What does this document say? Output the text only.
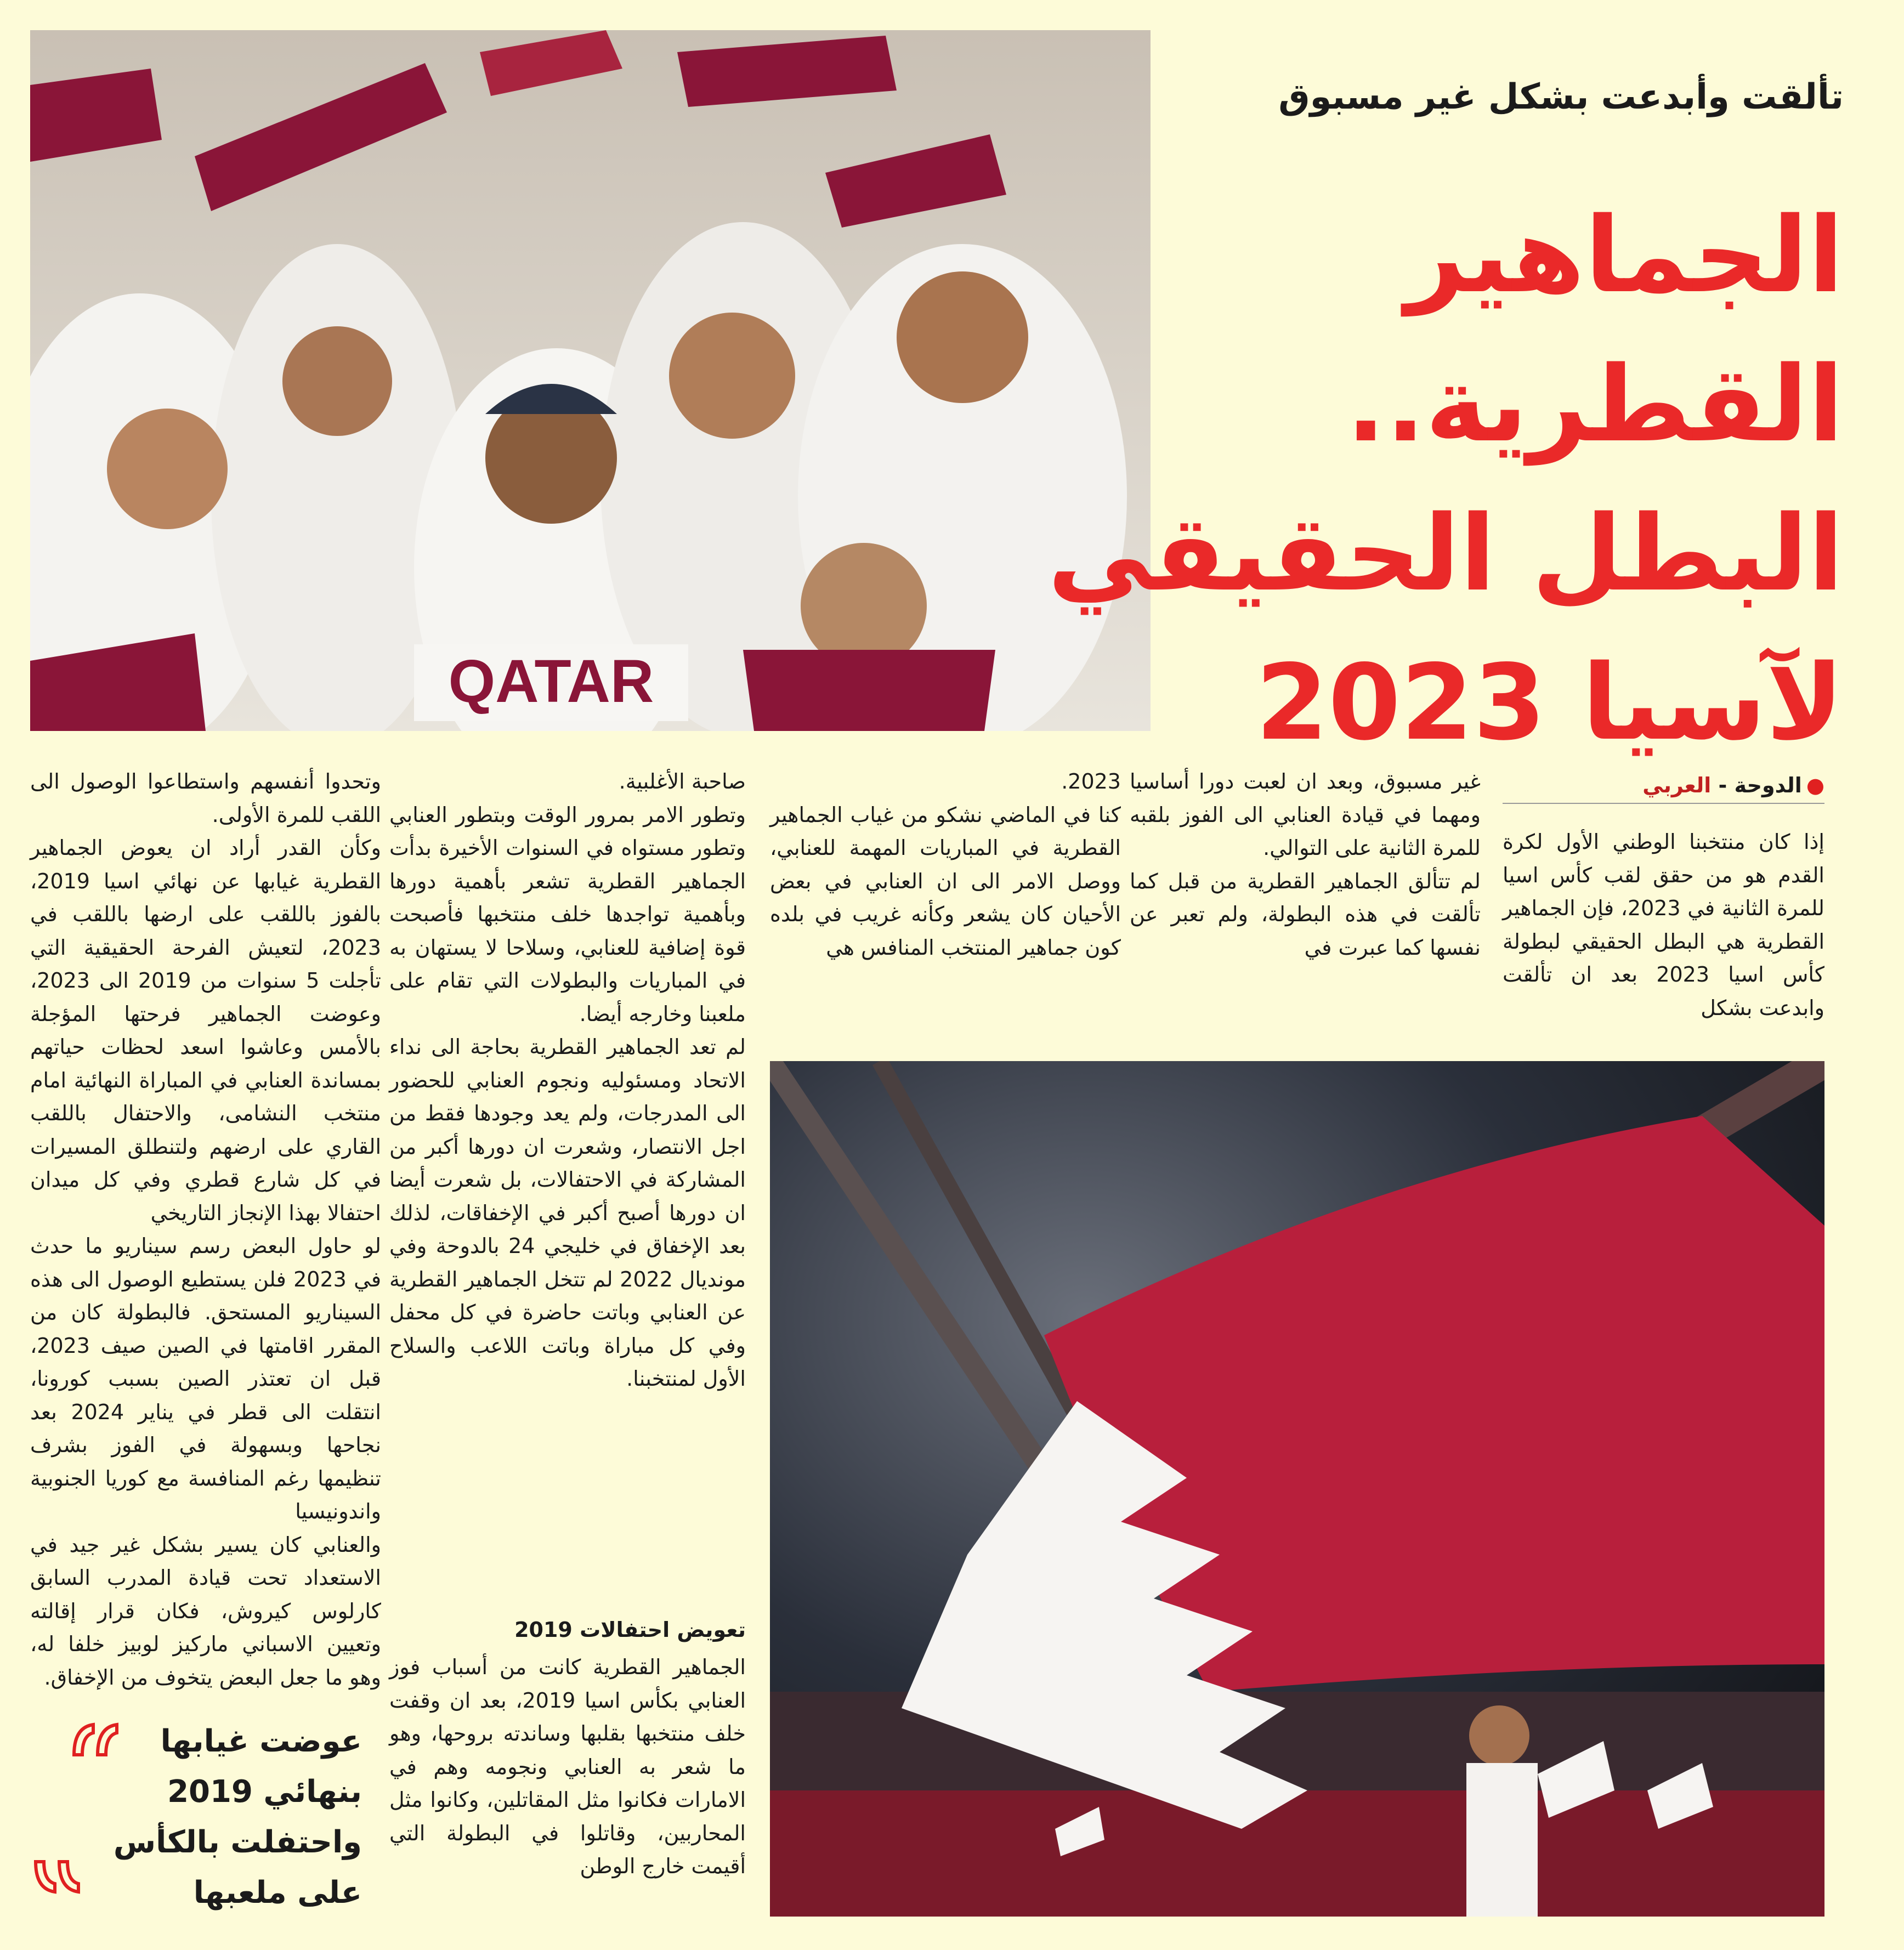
QATAR
تألقت وأبدعت بشكل غير مسبوق
الجماهير
القطرية..
البطل الحقيقي
لآسيا 2023
●الدوحة - العربي

إذا كان منتخبنا الوطني الأول لكرة القدم هو من حقق لقب كأس اسيا للمرة الثانية في 2023، فإن الجماهير القطرية هي البطل الحقيقي لبطولة كأس اسيا 2023 بعد ان تألقت وابدعت بشكل

غير مسبوق، وبعد ان لعبت دورا أساسيا ومهما في قيادة العنابي الى الفوز بلقبه للمرة الثانية على التوالي.
لم تتألق الجماهير القطرية من قبل كما تألقت في هذه البطولة، ولم تعبر عن نفسها كما عبرت في

2023.
كنا في الماضي نشكو من غياب الجماهير القطرية في المباريات المهمة للعنابي، ووصل الامر الى ان العنابي في بعض الأحيان كان يشعر وكأنه غريب في بلده كون جماهير المنتخب المنافس هي

صاحبة الأغلبية.
وتطور الامر بمرور الوقت وبتطور العنابي وتطور مستواه في السنوات الأخيرة بدأت الجماهير القطرية تشعر بأهمية دورها وبأهمية تواجدها خلف منتخبها فأصبحت قوة إضافية للعنابي، وسلاحا لا يستهان به في المباريات والبطولات التي تقام على ملعبنا وخارجه أيضا.
لم تعد الجماهير القطرية بحاجة الى نداء الاتحاد ومسئوليه ونجوم العنابي للحضور الى المدرجات، ولم يعد وجودها فقط من اجل الانتصار، وشعرت ان دورها أكبر من المشاركة في الاحتفالات، بل شعرت أيضا ان دورها أصبح أكبر في الإخفاقات، لذلك بعد الإخفاق في خليجي 24 بالدوحة وفي مونديال 2022 لم تتخل الجماهير القطرية عن العنابي وباتت حاضرة في كل محفل وفي كل مباراة وباتت اللاعب والسلاح الأول لمنتخبنا.

تعويض احتفالات 2019

الجماهير القطرية كانت من أسباب فوز العنابي بكأس اسيا 2019، بعد ان وقفت خلف منتخبها بقلبها وساندته بروحها، وهو ما شعر به العنابي ونجومه وهم في الامارات فكانوا مثل المقاتلين، وكانوا مثل المحاربين، وقاتلوا في البطولة التي أقيمت خارج الوطن

وتحدوا أنفسهم واستطاعوا الوصول الى اللقب للمرة الأولى.
وكأن القدر أراد ان يعوض الجماهير القطرية غيابها عن نهائي اسيا 2019، بالفوز باللقب على ارضها باللقب في 2023، لتعيش الفرحة الحقيقية التي تأجلت 5 سنوات من 2019 الى 2023، وعوضت الجماهير فرحتها المؤجلة بالأمس وعاشوا اسعد لحظات حياتهم بمساندة العنابي في المباراة النهائية امام منتخب النشامى، والاحتفال باللقب القاري على ارضهم ولتنطلق المسيرات في كل شارع قطري وفي كل ميدان احتفالا بهذا الإنجاز التاريخي
لو حاول البعض رسم سيناريو ما حدث في 2023 فلن يستطيع الوصول الى هذه السيناريو المستحق. فالبطولة كان من المقرر اقامتها في الصين صيف 2023، قبل ان تعتذر الصين بسبب كورونا، انتقلت الى قطر في يناير 2024 بعد نجاحها وبسهولة في الفوز بشرف تنظيمها رغم المنافسة مع كوريا الجنوبية واندونيسيا
والعنابي كان يسير بشكل غير جيد في الاستعداد تحت قيادة المدرب السابق كارلوس كيروش، فكان قرار إقالته وتعيين الاسباني ماركيز لوبيز خلفا له، وهو ما جعل البعض يتخوف من الإخفاق.

عوضت غيابها بنهائي 2019 واحتفلت بالكأس على ملعبها
